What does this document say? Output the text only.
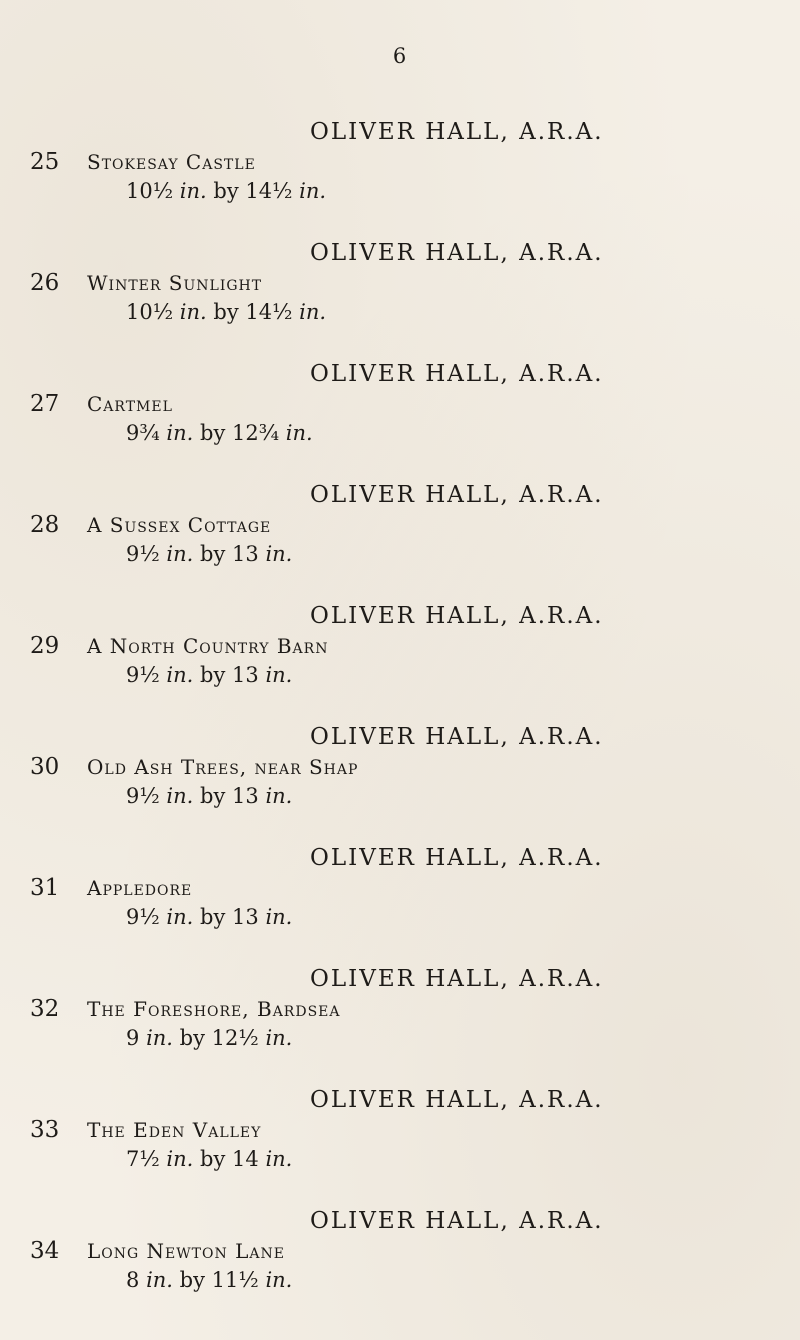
6
OLIVER HALL, A.R.A.
25 Stokesay Castle
10½ in. by 14½ in.
OLIVER HALL, A.R.A.
26 Winter Sunlight
10½ in. by 14½ in.
OLIVER HALL, A.R.A.
27 Cartmel
9¾ in. by 12¾ in.
OLIVER HALL, A.R.A.
28 A Sussex Cottage
9½ in. by 13 in.
OLIVER HALL, A.R.A.
29 A North Country Barn
9½ in. by 13 in.
OLIVER HALL, A.R.A.
30 Old Ash Trees, near Shap
9½ in. by 13 in.
OLIVER HALL, A.R.A.
31 Appledore
9½ in. by 13 in.
OLIVER HALL, A.R.A.
32 The Foreshore, Bardsea
9 in. by 12½ in.
OLIVER HALL, A.R.A.
33 The Eden Valley
7½ in. by 14 in.
OLIVER HALL, A.R.A.
34 Long Newton Lane
8 in. by 11½ in.
